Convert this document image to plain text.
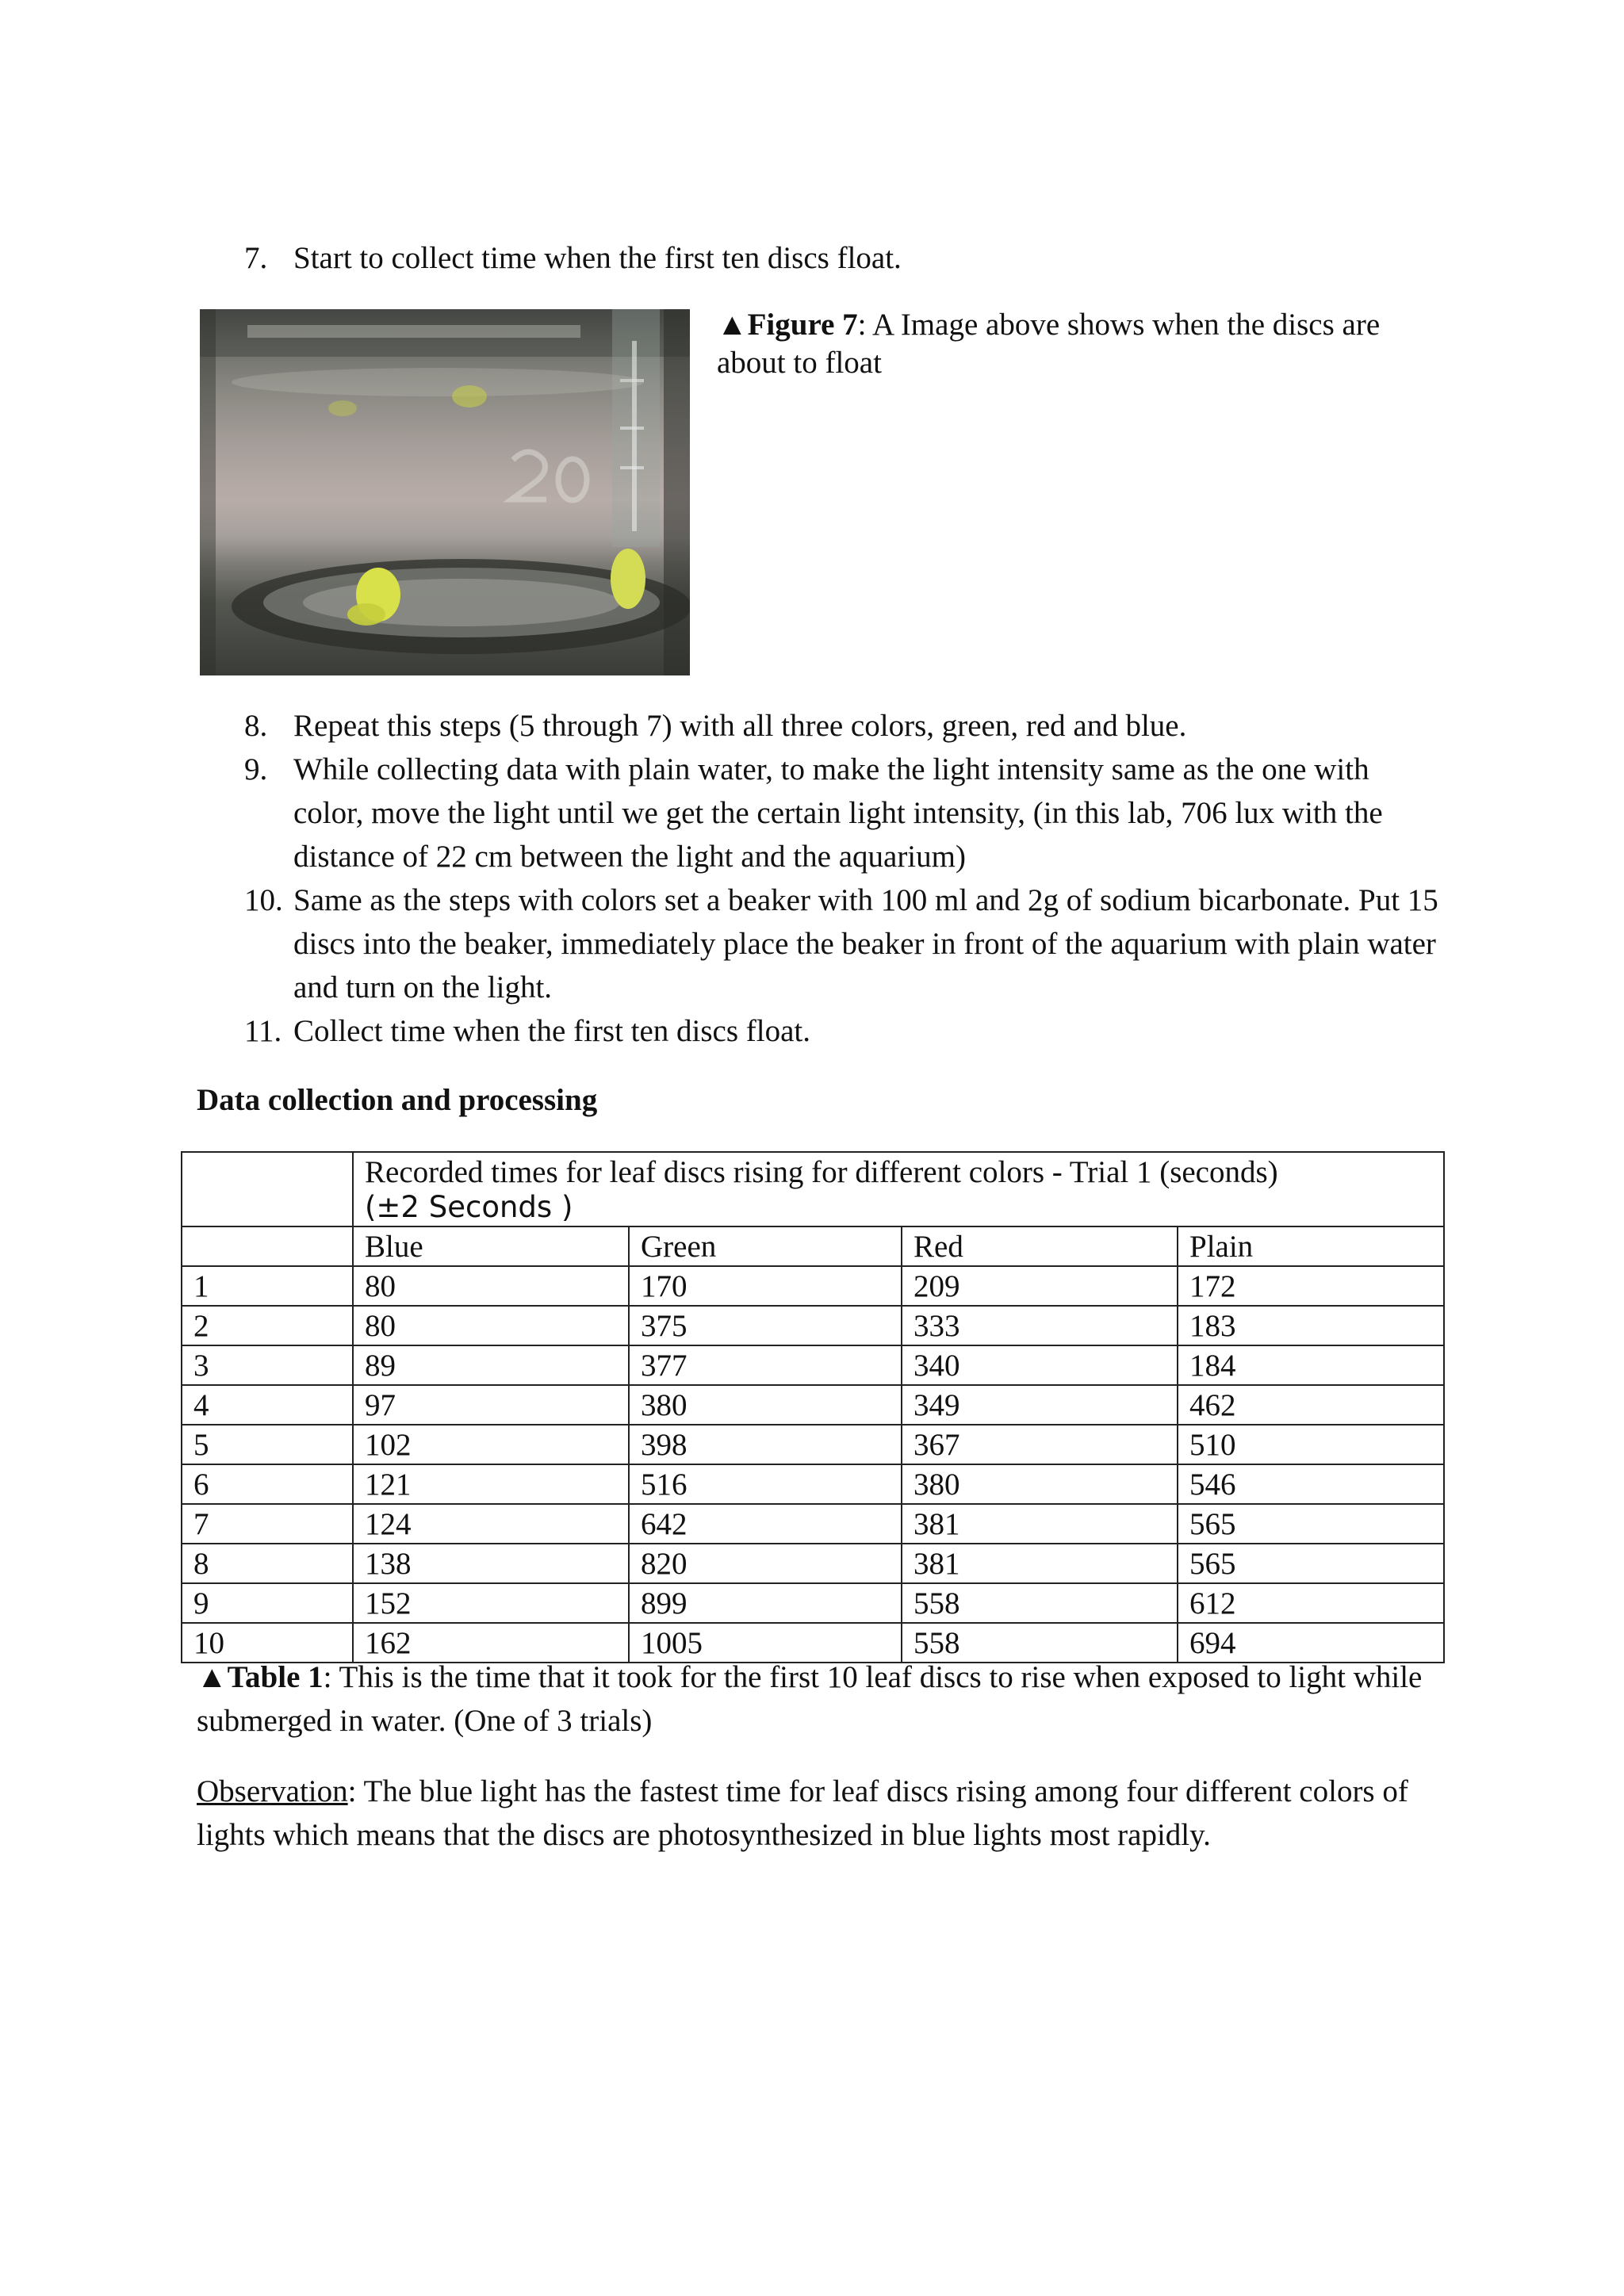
7. Start to collect time when the first ten discs float.
▲Figure 7: A Image above shows when the discs are about to float
8. Repeat this steps (5 through 7) with all three colors, green, red and blue.
9. While collecting data with plain water, to make the light intensity same as the one with color, move the light until we get the certain light intensity, (in this lab, 706 lux with the distance of 22 cm between the light and the aquarium)
10. Same as the steps with colors set a beaker with 100 ml and 2g of sodium bicarbonate. Put 15 discs into the beaker, immediately place the beaker in front of the aquarium with plain water and turn on the light.
11. Collect time when the first ten discs float.
Data collection and processing

	Recorded times for leaf discs rising for different colors - Trial 1 (seconds)
(±2 Seconds )			

	Blue	Green	Red	Plain
1	80	170	209	172
2	80	375	333	183
3	89	377	340	184
4	97	380	349	462
5	102	398	367	510
6	121	516	380	546
7	124	642	381	565
8	138	820	381	565
9	152	899	558	612
10	162	1005	558	694
▲Table 1: This is the time that it took for the first 10 leaf discs to rise when exposed to light while submerged in water. (One of 3 trials)
Observation: The blue light has the fastest time for leaf discs rising among four different colors of lights which means that the discs are photosynthesized in blue lights most rapidly.
